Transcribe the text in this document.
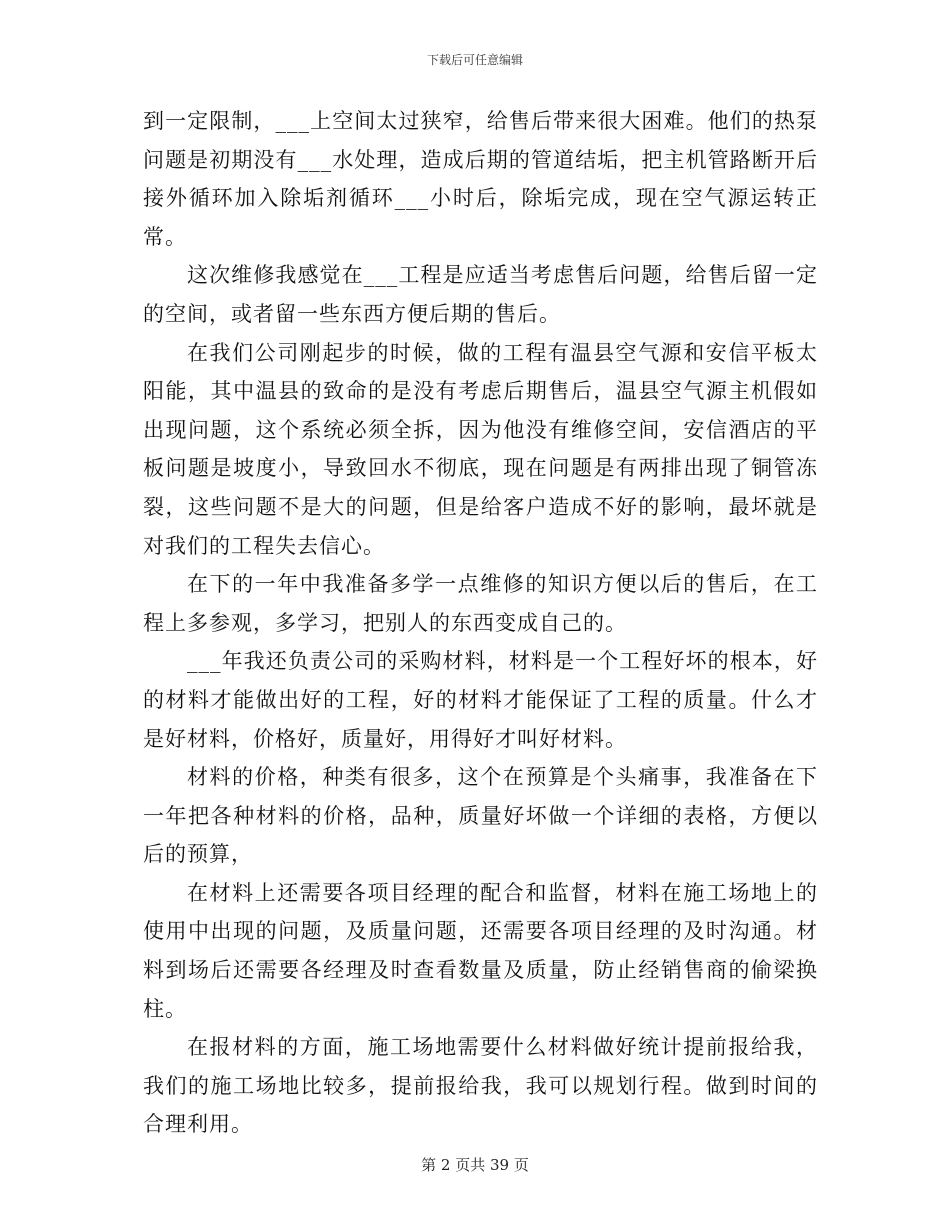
下载后可任意编辑

到一定限制，___上空间太过狭窄，给售后带来很大困难。他们的热泵问题是初期没有___水处理，造成后期的管道结垢，把主机管路断开后接外循环加入除垢剂循环___小时后，除垢完成，现在空气源运转正常。

这次维修我感觉在___工程是应适当考虑售后问题，给售后留一定的空间，或者留一些东西方便后期的售后。

在我们公司刚起步的时候，做的工程有温县空气源和安信平板太阳能，其中温县的致命的是没有考虑后期售后，温县空气源主机假如出现问题，这个系统必须全拆，因为他没有维修空间，安信酒店的平板问题是坡度小，导致回水不彻底，现在问题是有两排出现了铜管冻裂，这些问题不是大的问题，但是给客户造成不好的影响，最坏就是对我们的工程失去信心。

在下的一年中我准备多学一点维修的知识方便以后的售后，在工程上多参观，多学习，把别人的东西变成自己的。

___年我还负责公司的采购材料，材料是一个工程好坏的根本，好的材料才能做出好的工程，好的材料才能保证了工程的质量。什么才是好材料，价格好，质量好，用得好才叫好材料。

材料的价格，种类有很多，这个在预算是个头痛事，我准备在下一年把各种材料的价格，品种，质量好坏做一个详细的表格，方便以后的预算，

在材料上还需要各项目经理的配合和监督，材料在施工场地上的使用中出现的问题，及质量问题，还需要各项目经理的及时沟通。材料到场后还需要各经理及时查看数量及质量，防止经销售商的偷梁换柱。

在报材料的方面，施工场地需要什么材料做好统计提前报给我，我们的施工场地比较多，提前报给我，我可以规划行程。做到时间的合理利用。

第 2 页共 39 页
